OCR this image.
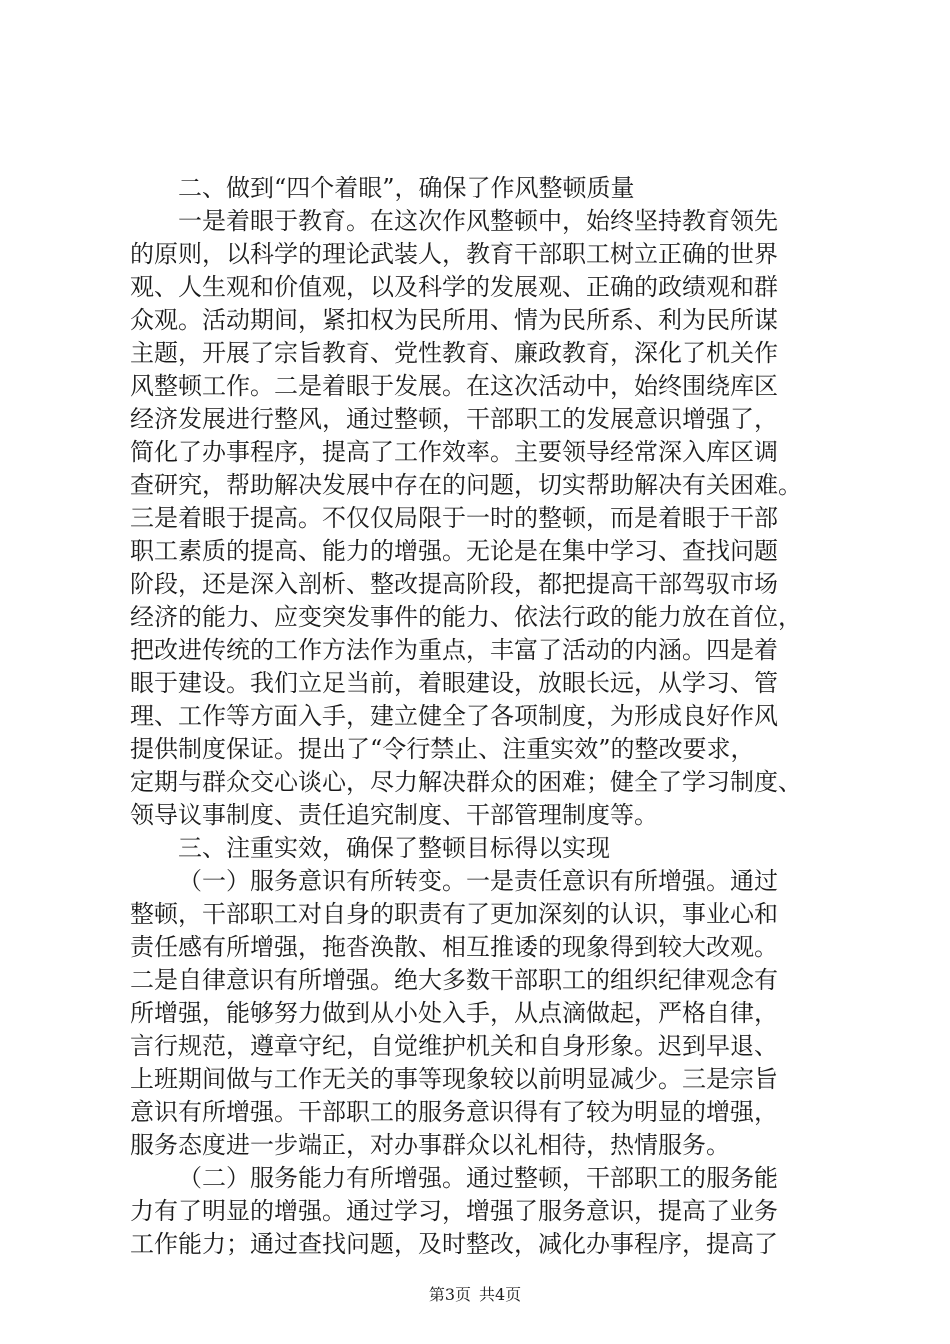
二、做到“四个着眼”，确保了作风整顿质量
一是着眼于教育。在这次作风整顿中，始终坚持教育领先
的原则，以科学的理论武装人，教育干部职工树立正确的世界
观、人生观和价值观，以及科学的发展观、正确的政绩观和群
众观。活动期间，紧扣权为民所用、情为民所系、利为民所谋
主题，开展了宗旨教育、党性教育、廉政教育，深化了机关作
风整顿工作。二是着眼于发展。在这次活动中，始终围绕库区
经济发展进行整风，通过整顿，干部职工的发展意识增强了，
简化了办事程序，提高了工作效率。主要领导经常深入库区调
查研究，帮助解决发展中存在的问题，切实帮助解决有关困难。
三是着眼于提高。不仅仅局限于一时的整顿，而是着眼于干部
职工素质的提高、能力的增强。无论是在集中学习、查找问题
阶段，还是深入剖析、整改提高阶段，都把提高干部驾驭市场
经济的能力、应变突发事件的能力、依法行政的能力放在首位，
把改进传统的工作方法作为重点，丰富了活动的内涵。四是着
眼于建设。我们立足当前，着眼建设，放眼长远，从学习、管
理、工作等方面入手，建立健全了各项制度，为形成良好作风
提供制度保证。提出了“令行禁止、注重实效”的整改要求，
定期与群众交心谈心，尽力解决群众的困难；健全了学习制度、
领导议事制度、责任追究制度、干部管理制度等。
三、注重实效，确保了整顿目标得以实现
（一）服务意识有所转变。一是责任意识有所增强。通过
整顿，干部职工对自身的职责有了更加深刻的认识，事业心和
责任感有所增强，拖沓涣散、相互推诿的现象得到较大改观。
二是自律意识有所增强。绝大多数干部职工的组织纪律观念有
所增强，能够努力做到从小处入手，从点滴做起，严格自律，
言行规范，遵章守纪，自觉维护机关和自身形象。迟到早退、
上班期间做与工作无关的事等现象较以前明显减少。三是宗旨
意识有所增强。干部职工的服务意识得有了较为明显的增强，
服务态度进一步端正，对办事群众以礼相待，热情服务。
（二）服务能力有所增强。通过整顿，干部职工的服务能
力有了明显的增强。通过学习，增强了服务意识，提高了业务
工作能力；通过查找问题，及时整改，减化办事程序，提高了
第3页 共4页
